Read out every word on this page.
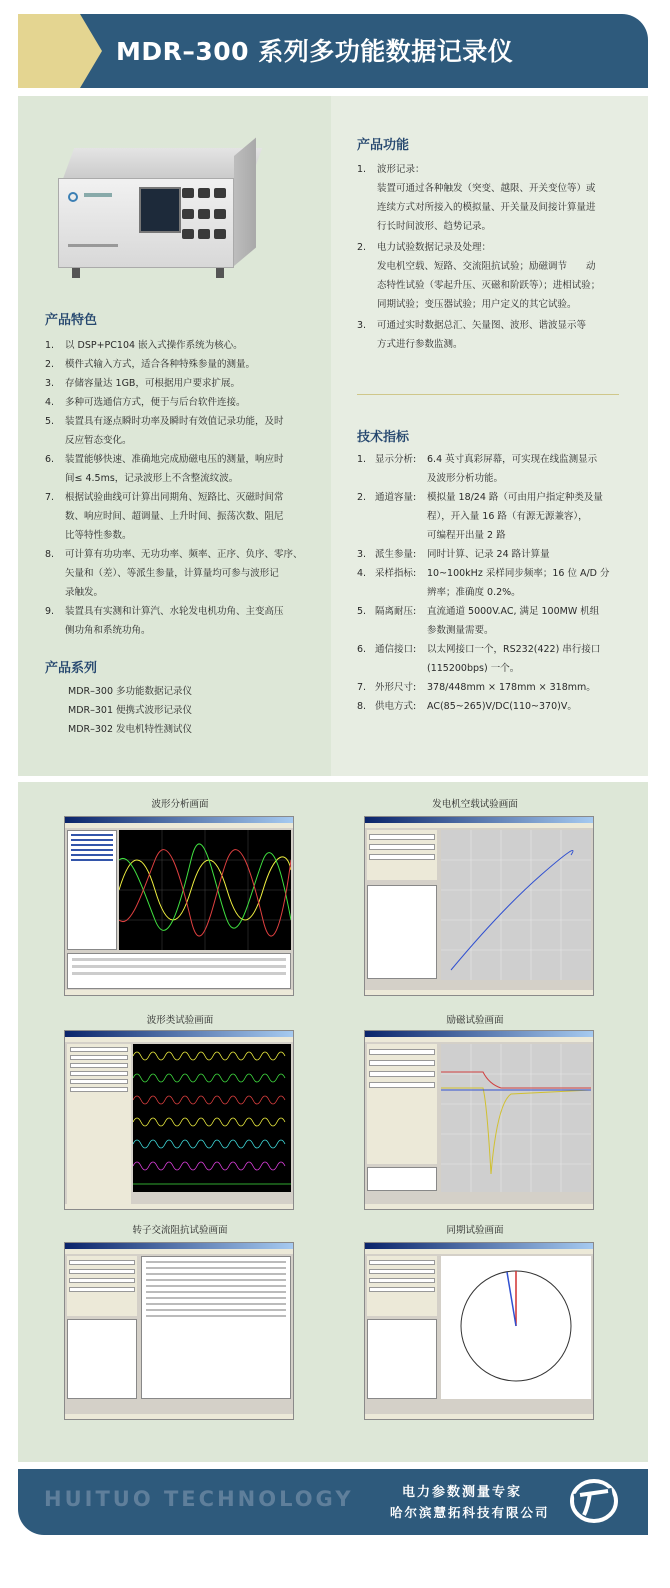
MDR–300 系列多功能数据记录仪
产品特色
1. 以 DSP+PC104 嵌入式操作系统为核心。
2. 模件式输入方式，适合各种特殊参量的测量。
3. 存储容量达 1GB，可根据用户要求扩展。
4. 多种可选通信方式，便于与后台软件连接。
5. 装置具有逐点瞬时功率及瞬时有效值记录功能，及时
反应暂态变化。
6. 装置能够快速、准确地完成励磁电压的测量，响应时
间≤ 4.5ms，记录波形上不含整流纹波。
7. 根据试验曲线可计算出同期角、短路比、灭磁时间常
数、响应时间、超调量、上升时间、振荡次数、阻尼
比等特性参数。
8. 可计算有功功率、无功功率、频率、正序、负序、零序、
矢量和（差）、等派生参量，计算量均可参与波形记
录触发。
9. 装置具有实测和计算汽、水轮发电机功角、主变高压
侧功角和系统功角。
产品系列
MDR–300 多功能数据记录仪
MDR–301 便携式波形记录仪
MDR–302 发电机特性测试仪
产品功能
1. 波形记录：
装置可通过各种触发（突变、越限、开关变位等）或
连续方式对所接入的模拟量、开关量及间接计算量进
行长时间波形、趋势记录。
2. 电力试验数据记录及处理：
发电机空载、短路、交流阻抗试验；励磁调节　　动
态特性试验（零起升压、灭磁和阶跃等）；进相试验；
同期试验；变压器试验；用户定义的其它试验。
3. 可通过实时数据总汇、矢量图、波形、谐波显示等
方式进行参数监测。
技术指标
1. 显示分析: 6.4 英寸真彩屏幕，可实现在线监测显示
及波形分析功能。
2. 通道容量: 模拟量 18/24 路（可由用户指定种类及量
程），开入量 16 路（有源无源兼容），
可编程开出量 2 路
3. 派生参量: 同时计算、记录 24 路计算量
4. 采样指标: 10~100kHz 采样同步频率；16 位 A/D 分
辨率；准确度 0.2%。
5. 隔离耐压: 直流通道 5000V.AC, 满足 100MW 机组
参数测量需要。
6. 通信接口: 以太网接口一个，RS232(422) 串行接口
(115200bps) 一个。
7. 外形尺寸: 378/448mm × 178mm × 318mm。
8. 供电方式: AC(85~265)V/DC(110~370)V。
波形分析画面	发电机空载试验画面
波形类试验画面	励磁试验画面
转子交流阻抗试验画面	同期试验画面
HUITUO TECHNOLOGY	电力参数测量专家
哈尔滨慧拓科技有限公司
